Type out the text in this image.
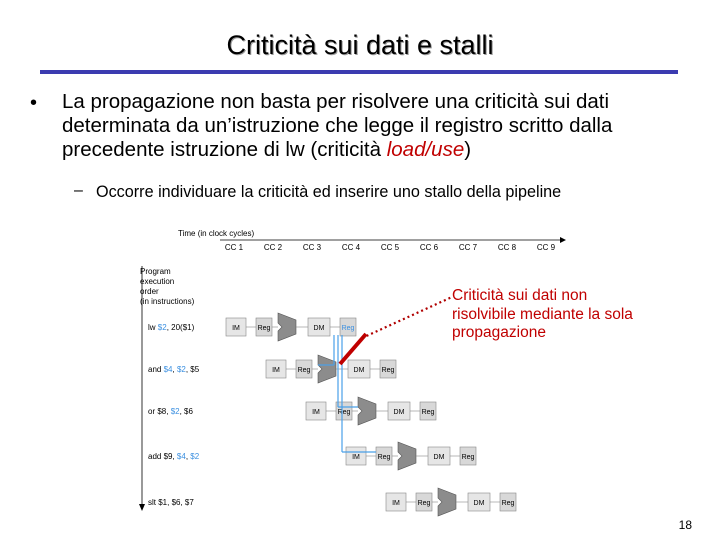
Criticità sui dati e stalli
• La propagazione non basta per risolvere una criticità sui dati determinata da un’istruzione che legge il registro scritto dalla precedente istruzione di lw (criticità load/use)
– Occorre individuare la criticità ed inserire uno stallo della pipeline
Time (in clock cycles)
CC 1	CC 2	CC 3	CC 4	CC 5	CC 6	CC 7	CC 8	CC 9
Program
execution
order
(in instructions)
lw $2, 20($1)
and $4, $2, $5
or $8, $2, $6
add $9, $4, $2
slt $1, $6, $7
IM	Reg	DM Reg
IM	Reg	DM Reg
IM	Reg	DM Reg
IM	Reg	DM Reg
IM	Reg	DM Reg
Criticità sui dati non risolvibile mediante la sola propagazione
18
